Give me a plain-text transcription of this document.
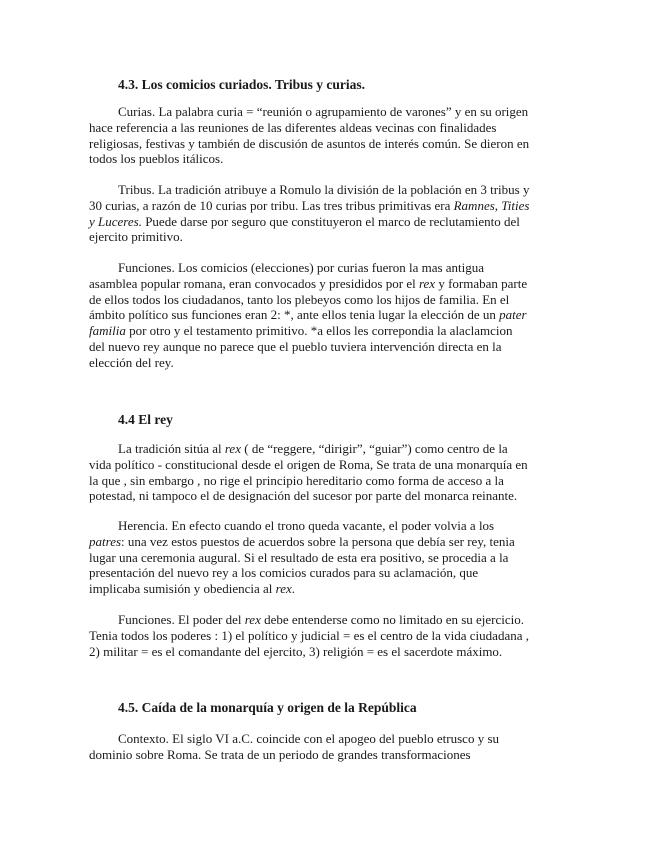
4.3. Los comicios curiados. Tribus y curias.

Curias. La palabra curia = “reunión o agrupamiento de varones” y en su origen
hace referencia a las reuniones de las diferentes aldeas vecinas con finalidades
religiosas, festivas y también de discusión de asuntos de interés común. Se dieron en
todos los pueblos itálicos.

Tribus. La tradición atribuye a Romulo la división de la población en 3 tribus y
30 curias, a razón de 10 curias por tribu. Las tres tribus primitivas era Ramnes, Tities
y Luceres. Puede darse por seguro que constituyeron el marco de reclutamiento del
ejercito primitivo.

Funciones. Los comicios (elecciones) por curias fueron la mas antigua
asamblea popular romana, eran convocados y presididos por el rex y formaban parte
de ellos todos los ciudadanos, tanto los plebeyos como los hijos de familia. En el
ámbito político sus funciones eran 2: *, ante ellos tenia lugar la elección de un pater
familia por otro y el testamento primitivo. *a ellos les correpondia la alaclamcion
del nuevo rey aunque no parece que el pueblo tuviera intervención directa en la
elección del rey.

4.4 El rey

La tradición sitúa al rex ( de “reggere, “dirigir”, “guiar”) como centro de la
vida político - constitucional desde el origen de Roma, Se trata de una monarquía en
la que , sin embargo , no rige el principio hereditario como forma de acceso a la
potestad, ni tampoco el de designación del sucesor por parte del monarca reinante.

Herencia. En efecto cuando el trono queda vacante, el poder volvia a los
patres: una vez estos puestos de acuerdos sobre la persona que debía ser rey, tenia
lugar una ceremonia augural. Si el resultado de esta era positivo, se procedia a la
presentación del nuevo rey a los comicios curados para su aclamación, que
implicaba sumisión y obediencia al rex.

Funciones. El poder del rex debe entenderse como no limitado en su ejercicio.
Tenia todos los poderes : 1) el político y judicial = es el centro de la vida ciudadana ,
2) militar = es el comandante del ejercito, 3) religión = es el sacerdote máximo.

4.5. Caída de la monarquía y origen de la República

Contexto. El siglo VI a.C. coincide con el apogeo del pueblo etrusco y su
dominio sobre Roma. Se trata de un periodo de grandes transformaciones
